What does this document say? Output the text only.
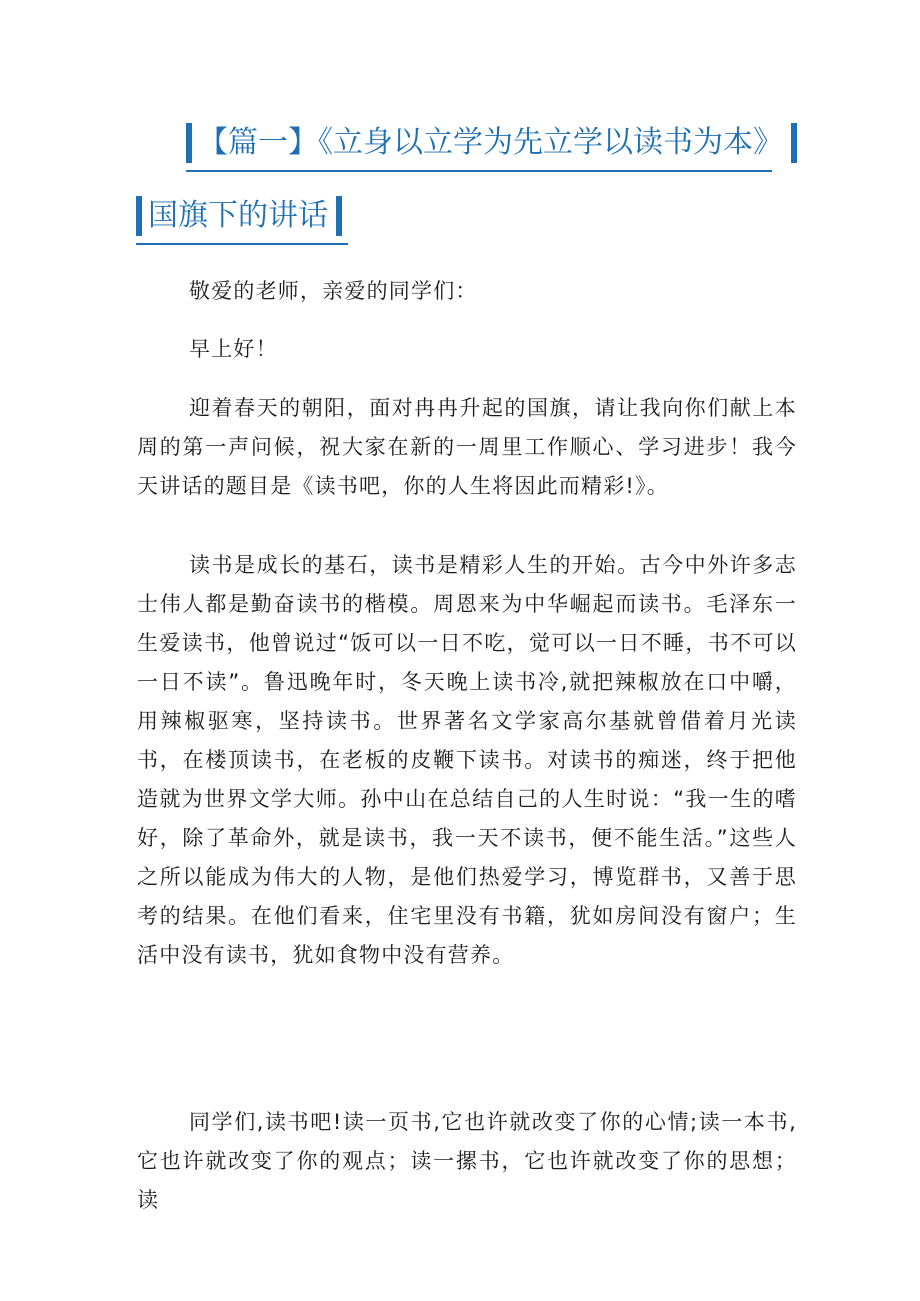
【篇一】《立身以立学为先立学以读书为本》
国旗下的讲话
敬爱的老师，亲爱的同学们：
早上好！

迎着春天的朝阳，面对冉冉升起的国旗，请让我向你们献上本周的第一声问候，祝大家在新的一周里工作顺心、学习进步！我今天讲话的题目是《读书吧，你的人生将因此而精彩!》。

读书是成长的基石，读书是精彩人生的开始。古今中外许多志士伟人都是勤奋读书的楷模。周恩来为中华崛起而读书。毛泽东一生爱读书，他曾说过“饭可以一日不吃，觉可以一日不睡，书不可以一日不读”。鲁迅晚年时，冬天晚上读书冷,就把辣椒放在口中嚼，用辣椒驱寒，坚持读书。世界著名文学家高尔基就曾借着月光读书，在楼顶读书，在老板的皮鞭下读书。对读书的痴迷，终于把他造就为世界文学大师。孙中山在总结自己的人生时说：“我一生的嗜好，除了革命外，就是读书，我一天不读书，便不能生活。”这些人之所以能成为伟大的人物，是他们热爱学习，博览群书，又善于思考的结果。在他们看来，住宅里没有书籍，犹如房间没有窗户；生活中没有读书，犹如食物中没有营养。

同学们,读书吧!读一页书,它也许就改变了你的心情;读一本书,它也许就改变了你的观点；读一摞书，它也许就改变了你的思想；读
